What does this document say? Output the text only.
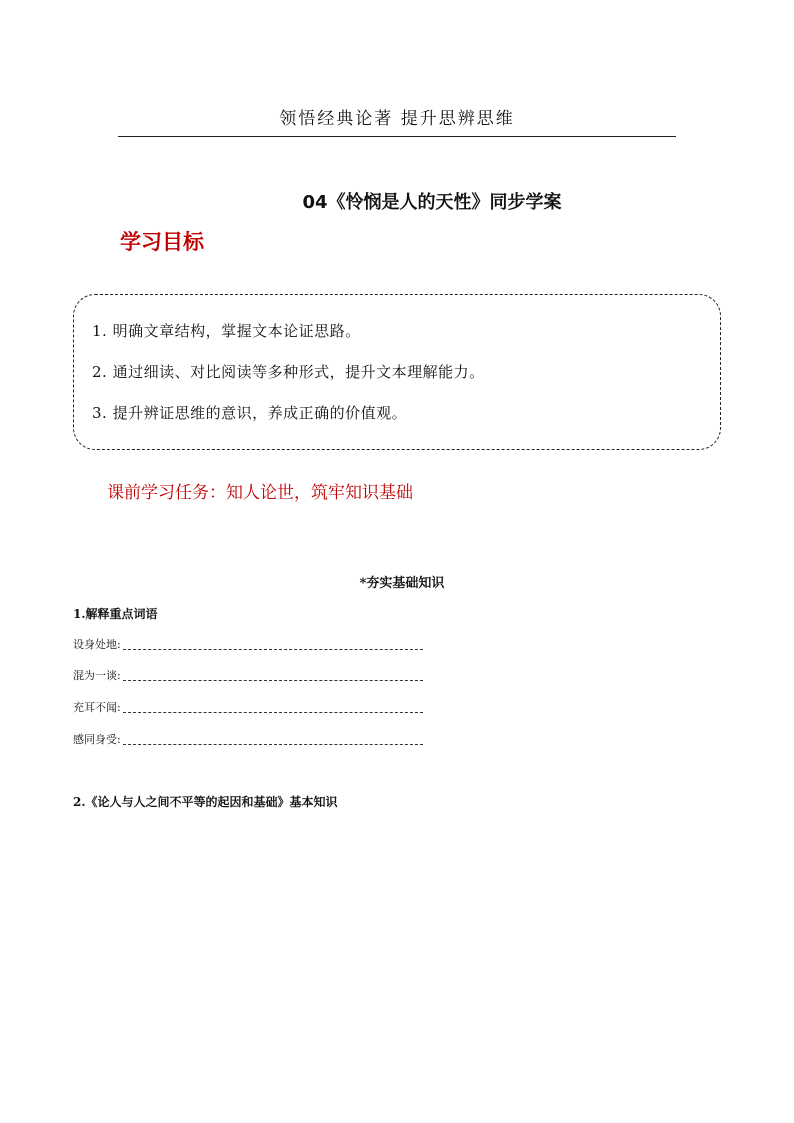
领悟经典论著 提升思辨思维
04《怜悯是人的天性》同步学案
学习目标
1. 明确文章结构，掌握文本论证思路。
2. 通过细读、对比阅读等多种形式，提升文本理解能力。
3. 提升辨证思维的意识，养成正确的价值观。
课前学习任务：知人论世，筑牢知识基础
*夯实基础知识
1.解释重点词语
设身处地:
混为一谈:
充耳不闻:
感同身受:
2.《论人与人之间不平等的起因和基础》基本知识
